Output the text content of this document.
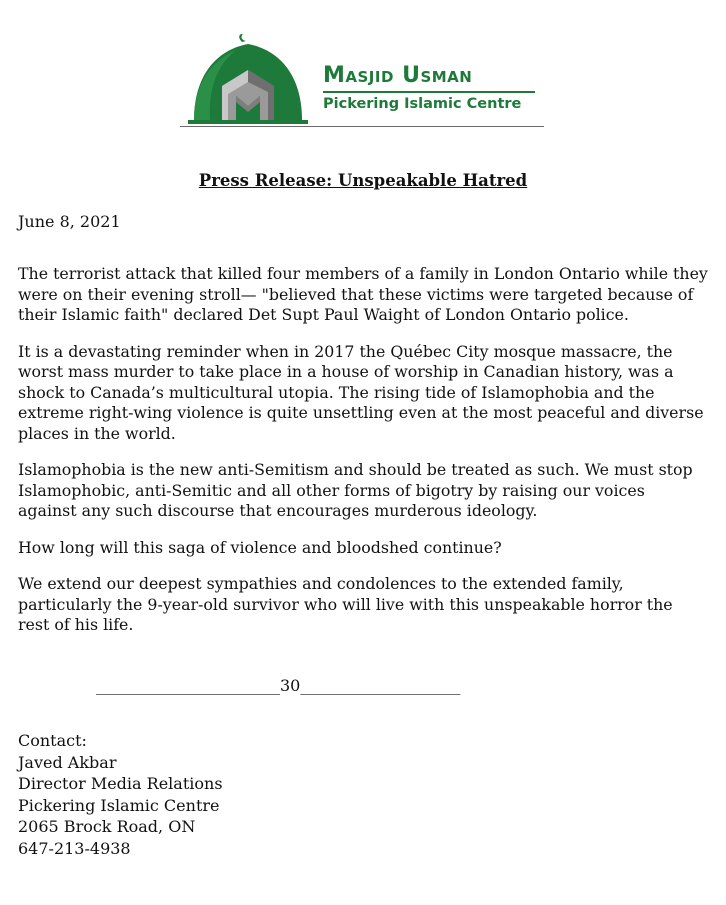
Masjid Usman
Pickering Islamic Centre
Press Release: Unspeakable Hatred
June 8, 2021

The terrorist attack that killed four members of a family in London Ontario while they were on their evening stroll— "believed that these victims were targeted because of their Islamic faith" declared Det Supt Paul Waight of London Ontario police.

It is a devastating reminder when in 2017 the Québec City mosque massacre, the worst mass murder to take place in a house of worship in Canadian history, was a shock to Canada’s multicultural utopia. The rising tide of Islamophobia and the extreme right-wing violence is quite unsettling even at the most peaceful and diverse places in the world.

Islamophobia is the new anti-Semitism and should be treated as such. We must stop Islamophobic, anti-Semitic and all other forms of bigotry by raising our voices against any such discourse that encourages murderous ideology.

How long will this saga of violence and bloodshed continue?

We extend our deepest sympathies and condolences to the extended family, particularly the 9-year-old survivor who will live with this unspeakable horror the rest of his life.

_______________________30____________________
Contact:
Javed Akbar
Director Media Relations
Pickering Islamic Centre
2065 Brock Road, ON
647-213-4938
